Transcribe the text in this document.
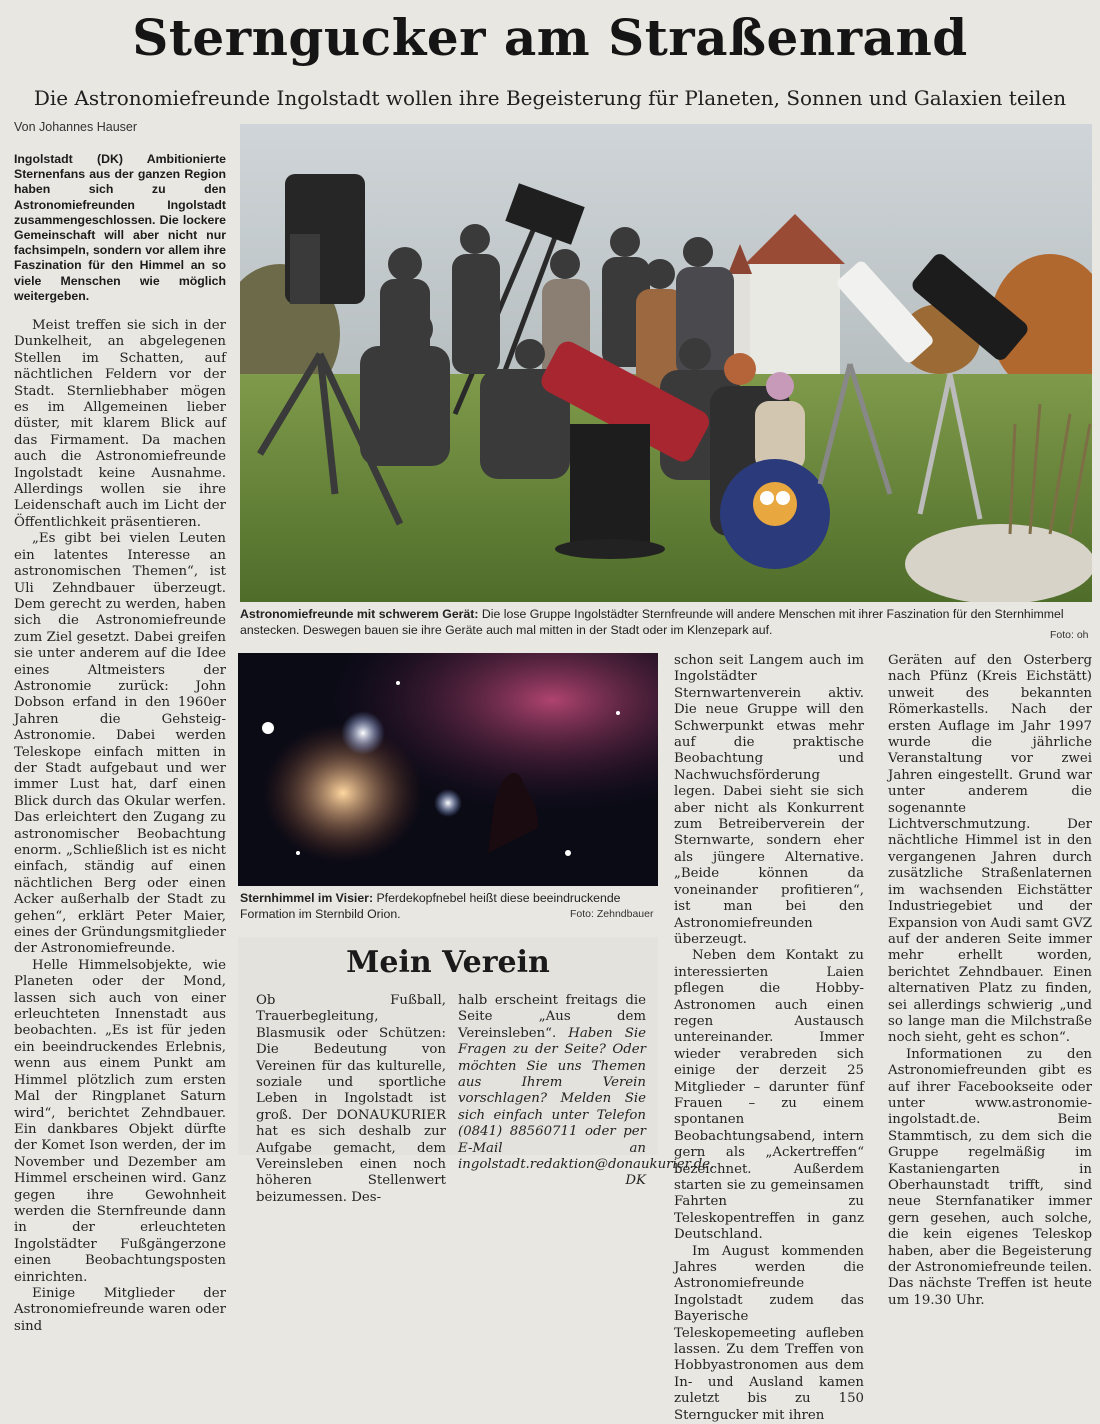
Sterngucker am Straßenrand
Die Astronomiefreunde Ingolstadt wollen ihre Begeisterung für Planeten, Sonnen und Galaxien teilen
Von Johannes Hauser
Ingolstadt (DK) Ambitionierte Sternenfans aus der ganzen Region haben sich zu den Astronomiefreunden Ingolstadt zusammengeschlossen. Die lockere Gemeinschaft will aber nicht nur fachsimpeln, sondern vor allem ihre Faszination für den Himmel an so viele Menschen wie möglich weitergeben.

Meist treffen sie sich in der Dunkelheit, an abgelegenen Stellen im Schatten, auf nächtlichen Feldern vor der Stadt. Sternliebhaber mögen es im Allgemeinen lieber düster, mit klarem Blick auf das Firmament. Da machen auch die Astronomiefreunde Ingolstadt keine Ausnahme. Allerdings wollen sie ihre Leidenschaft auch im Licht der Öffentlichkeit präsentieren.

„Es gibt bei vielen Leuten ein latentes Interesse an astronomischen Themen“, ist Uli Zehndbauer überzeugt. Dem gerecht zu werden, haben sich die Astronomiefreunde zum Ziel gesetzt. Dabei greifen sie unter anderem auf die Idee eines Altmeisters der Astronomie zurück: John Dobson erfand in den 1960er Jahren die Gehsteig-Astronomie. Dabei werden Teleskope einfach mitten in der Stadt aufgebaut und wer immer Lust hat, darf einen Blick durch das Okular werfen. Das erleichtert den Zugang zu astronomischer Beobachtung enorm. „Schließlich ist es nicht einfach, ständig auf einen nächtlichen Berg oder einen Acker außerhalb der Stadt zu gehen“, erklärt Peter Maier, eines der Gründungsmitglieder der Astronomiefreunde.

Helle Himmelsobjekte, wie Planeten oder der Mond, lassen sich auch von einer erleuchteten Innenstadt aus beobachten. „Es ist für jeden ein beeindruckendes Erlebnis, wenn aus einem Punkt am Himmel plötzlich zum ersten Mal der Ringplanet Saturn wird“, berichtet Zehndbauer. Ein dankbares Objekt dürfte der Komet Ison werden, der im November und Dezember am Himmel erscheinen wird. Ganz gegen ihre Gewohnheit werden die Sternfreunde dann in der erleuchteten Ingolstädter Fußgängerzone einen Beobachtungsposten einrichten.

Einige Mitglieder der Astronomiefreunde waren oder sind

Astronomiefreunde mit schwerem Gerät: Die lose Gruppe Ingolstädter Sternfreunde will andere Menschen mit ihrer Faszination für den Sternhimmel anstecken. Deswegen bauen sie ihre Geräte auch mal mitten in der Stadt oder im Klenzepark auf.	Foto: oh
Sternhimmel im Visier: Pferdekopfnebel heißt diese beeindruckende Formation im Sternbild Orion.	Foto: Zehndbauer
Mein Verein
Ob Fußball, Trauerbegleitung, Blasmusik oder Schützen: Die Bedeutung von Vereinen für das kulturelle, soziale und sportliche Leben in Ingolstadt ist groß. Der DONAUKURIER hat es sich deshalb zur Aufgabe gemacht, dem Vereinsleben einen noch höheren Stellenwert beizumessen. Des-
halb erscheint freitags die Seite „Aus dem Vereinsleben“. Haben Sie Fragen zu der Seite? Oder möchten Sie uns Themen aus Ihrem Verein vorschlagen? Melden Sie sich einfach unter Telefon (0841) 88560711 oder per E-Mail an ingolstadt.redaktion@donaukurier.de.
DK

schon seit Langem auch im Ingolstädter Sternwartenverein aktiv. Die neue Gruppe will den Schwerpunkt etwas mehr auf die praktische Beobachtung und Nachwuchsförderung legen. Dabei sieht sie sich aber nicht als Konkurrent zum Betreiberverein der Sternwarte, sondern eher als jüngere Alternative. „Beide können da voneinander profitieren“, ist man bei den Astronomiefreunden überzeugt.

Neben dem Kontakt zu interessierten Laien pflegen die Hobby-Astronomen auch einen regen Austausch untereinander. Immer wieder verabreden sich einige der derzeit 25 Mitglieder – darunter fünf Frauen – zu einem spontanen Beobachtungsabend, intern gern als „Ackertreffen“ bezeichnet. Außerdem starten sie zu gemeinsamen Fahrten zu Teleskopentreffen in ganz Deutschland.

Im August kommenden Jahres werden die Astronomiefreunde Ingolstadt zudem das Bayerische Teleskopemeeting aufleben lassen. Zu dem Treffen von Hobbyastronomen aus dem In- und Ausland kamen zuletzt bis zu 150 Sterngucker mit ihren

Geräten auf den Osterberg nach Pfünz (Kreis Eichstätt) unweit des bekannten Römerkastells. Nach der ersten Auflage im Jahr 1997 wurde die jährliche Veranstaltung vor zwei Jahren eingestellt. Grund war unter anderem die sogenannte Lichtverschmutzung. Der nächtliche Himmel ist in den vergangenen Jahren durch zusätzliche Straßenlaternen im wachsenden Eichstätter Industriegebiet und der Expansion von Audi samt GVZ auf der anderen Seite immer mehr erhellt worden, berichtet Zehndbauer. Einen alternativen Platz zu finden, sei allerdings schwierig „und so lange man die Milchstraße noch sieht, geht es schon“.

Informationen zu den Astronomiefreunden gibt es auf ihrer Facebookseite oder unter www.astronomie-ingolstadt.de. Beim Stammtisch, zu dem sich die Gruppe regelmäßig im Kastaniengarten in Oberhaunstadt trifft, sind neue Sternfanatiker immer gern gesehen, auch solche, die kein eigenes Teleskop haben, aber die Begeisterung der Astronomiefreunde teilen. Das nächste Treffen ist heute um 19.30 Uhr.
